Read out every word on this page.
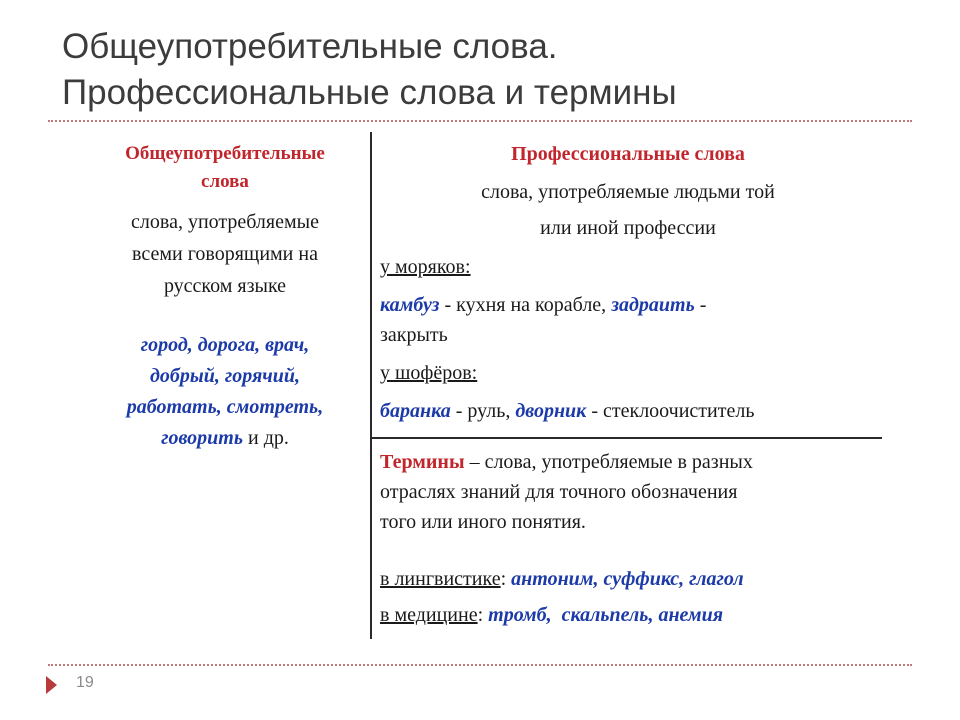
Общеупотребительные слова.
Профессиональные слова и термины

Общеупотребительные
слова

слова, употребляемые
всеми говорящими на
русском языке

город, дорога, врач,
добрый, горячий,
работать, смотреть,
говорить и др.

Профессиональные слова
слова, употребляемые людьми той
или иной профессии
у моряков:
камбуз - кухня на корабле, задраить -
закрыть
у шофёров:
баранка - руль, дворник - стеклоочиститель
Термины – слова, употребляемые в разных
отраслях знаний для точного обозначения
того или иного понятия.
в лингвистике: антоним, суффикс, глагол
в медицине: тромб,  скальпель, анемия
19
